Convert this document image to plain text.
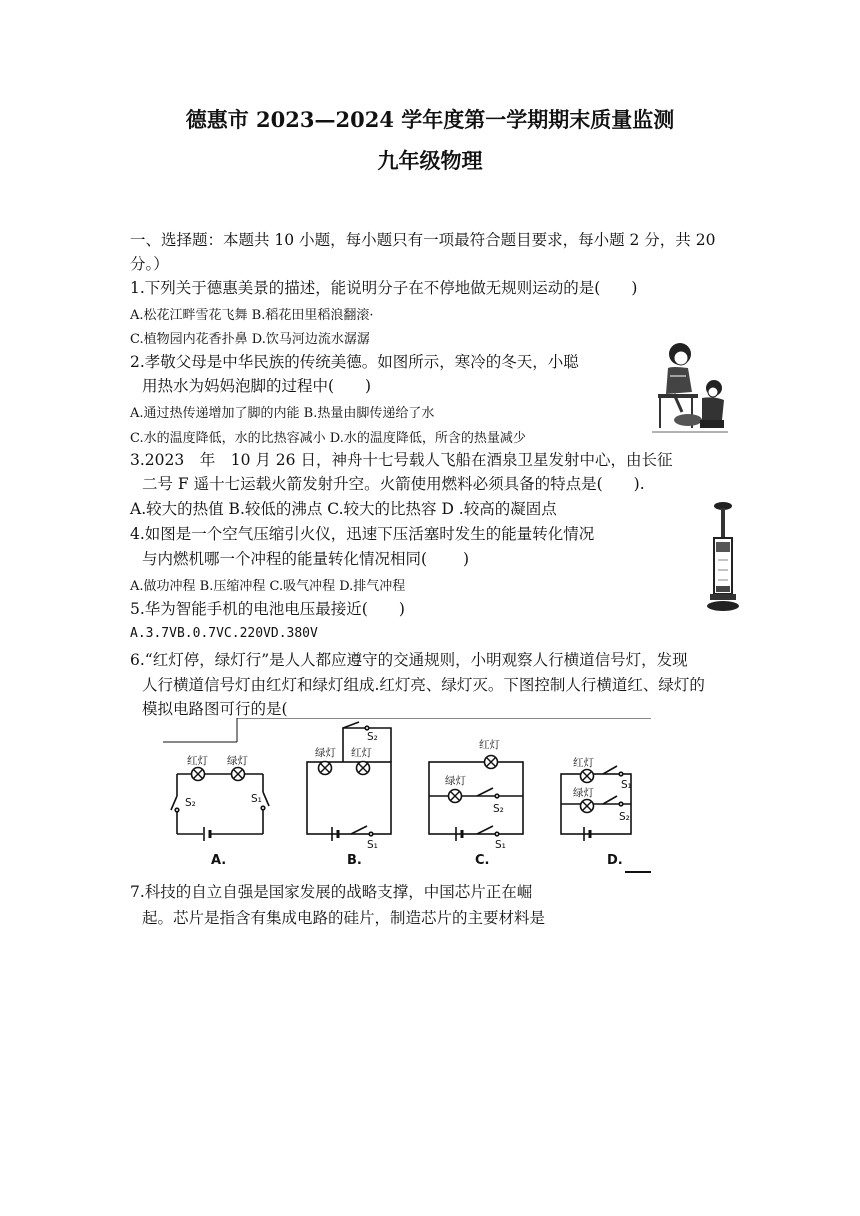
德惠市 2023—2024 学年度第一学期期末质量监测
九年级物理
一、选择题：本题共 10 小题，每小题只有一项最符合题目要求，每小题 2 分，共 20
分。）
1.下列关于德惠美景的描述，能说明分子在不停地做无规则运动的是(　　)
A.松花江畔雪花飞舞 B.稻花田里稻浪翻滚·
C.植物园内花香扑鼻 D.饮马河边流水潺潺
2.孝敬父母是中华民族的传统美德。如图所示，寒冷的冬天，小聪
用热水为妈妈泡脚的过程中(　　)
A.通过热传递增加了脚的内能 B.热量由脚传递给了水
C.水的温度降低，水的比热容减小 D.水的温度降低，所含的热量减少
3.2023　年　10 月 26 日，神舟十七号载人飞船在酒泉卫星发射中心，由长征
二号 F 遥十七运载火箭发射升空。火箭使用燃料必须具备的特点是(　　).
A.较大的热值 B.较低的沸点 C.较大的比热容 D .较高的凝固点
4.如图是一个空气压缩引火仪，迅速下压活塞时发生的能量转化情况
与内燃机哪一个冲程的能量转化情况相同(　　 )
A.做功冲程 B.压缩冲程 C.吸气冲程 D.排气冲程
5.华为智能手机的电池电压最接近(　　)
A.3.7VB.0.7VC.220VD.380V
6.“红灯停，绿灯行”是人人都应遵守的交通规则，小明观察人行横道信号灯，发现
人行横道信号灯由红灯和绿灯组成.红灯亮、绿灯灭。下图控制人行横道红、绿灯的
模拟电路图可行的是(
红灯 绿灯
S₂	S₁
绿灯 红灯
S₂
S₁
红灯
绿灯
S₂
S₁
红灯
绿灯
S₁
S₂
A.	B.	C.	D.
7.科技的自立自强是国家发展的战略支撑，中国芯片正在崛
起。芯片是指含有集成电路的硅片，制造芯片的主要材料是
